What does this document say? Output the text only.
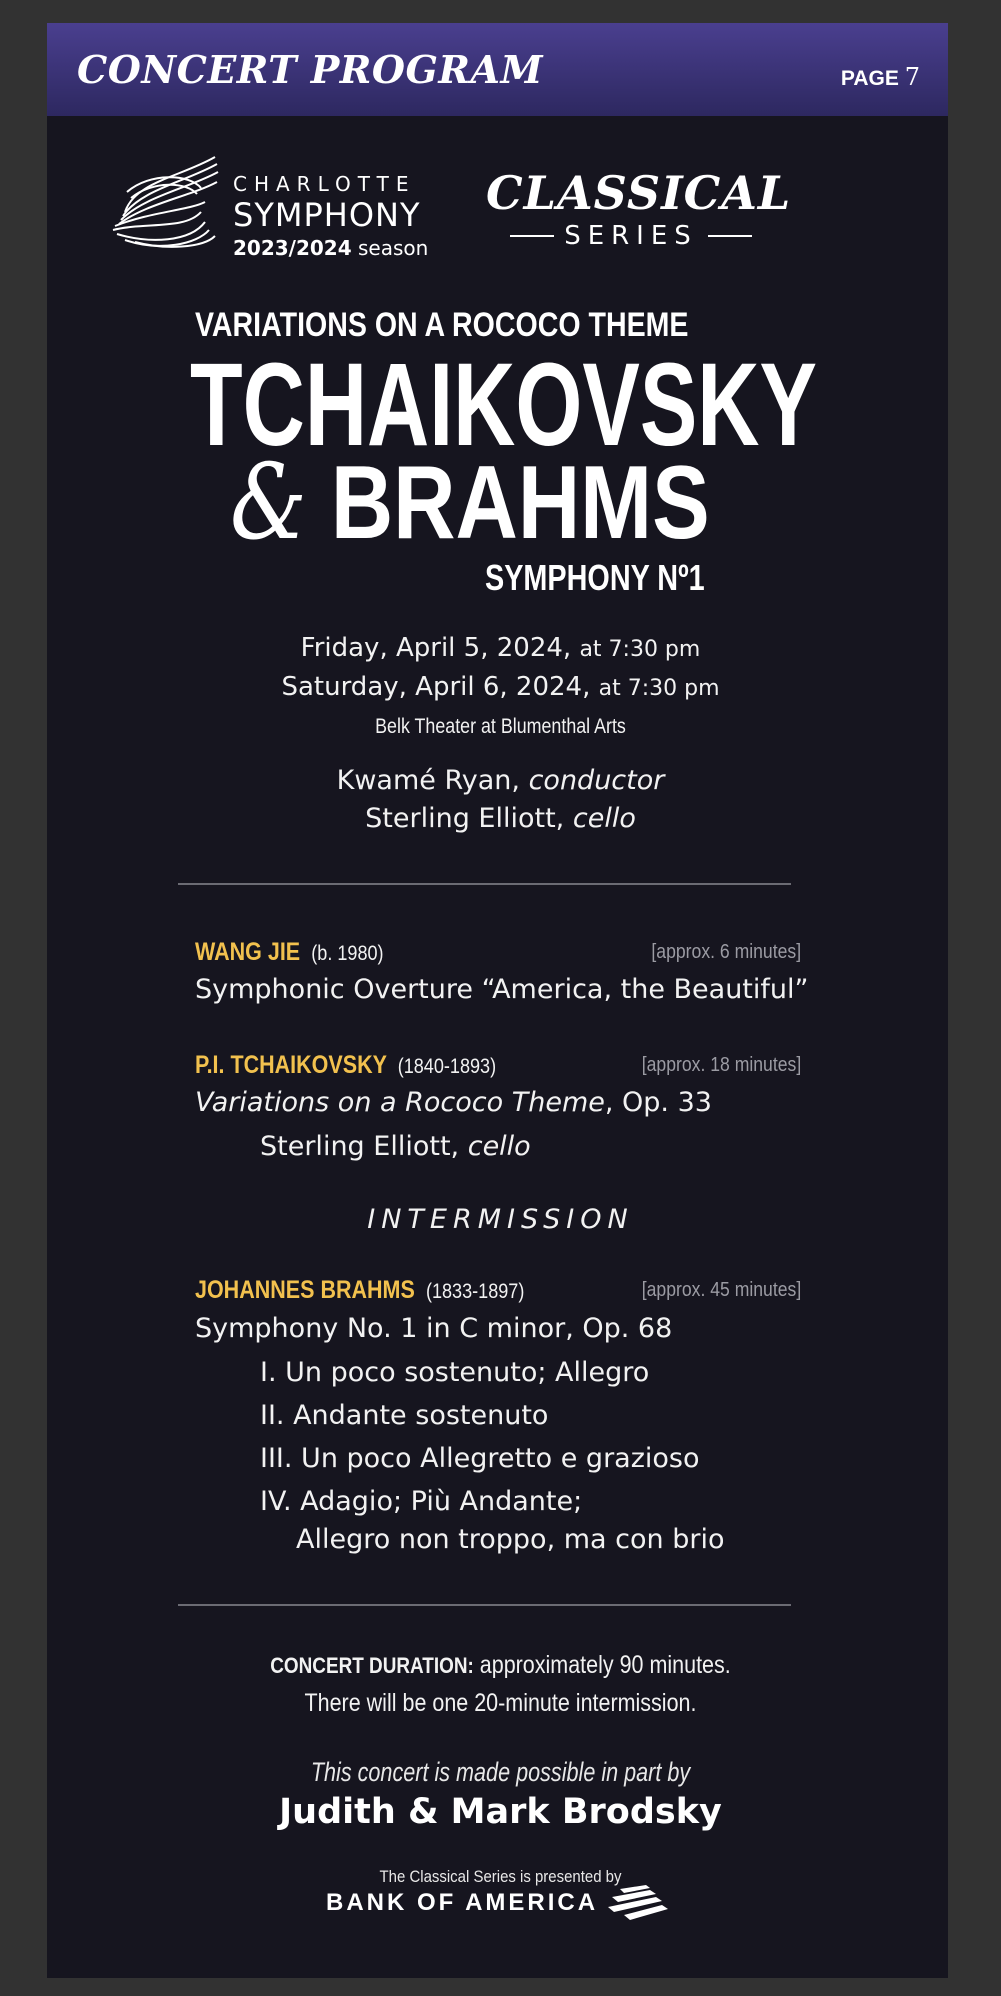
CONCERT PROGRAM	PAGE 7
CHARLOTTE
SYMPHONY
2023/2024 season
CLASSICAL
SERIES
VARIATIONS ON A ROCOCO THEME
TCHAIKOVSKY
& BRAHMS
SYMPHONY Nº1
Friday, April 5, 2024, at 7:30 pm
Saturday, April 6, 2024, at 7:30 pm
Belk Theater at Blumenthal Arts
Kwamé Ryan, conductor
Sterling Elliott, cello
WANG JIE (b. 1980)	[approx. 6 minutes]
Symphonic Overture “America, the Beautiful”
P.I. TCHAIKOVSKY (1840-1893)	[approx. 18 minutes]
Variations on a Rococo Theme, Op. 33
Sterling Elliott, cello
INTERMISSION
JOHANNES BRAHMS (1833-1897)	[approx. 45 minutes]
Symphony No. 1 in C minor, Op. 68
I. Un poco sostenuto; Allegro
II. Andante sostenuto
III. Un poco Allegretto e grazioso
IV. Adagio; Più Andante;
Allegro non troppo, ma con brio
CONCERT DURATION: approximately 90 minutes.
There will be one 20-minute intermission.
This concert is made possible in part by
Judith & Mark Brodsky
The Classical Series is presented by
BANK OF AMERICA
